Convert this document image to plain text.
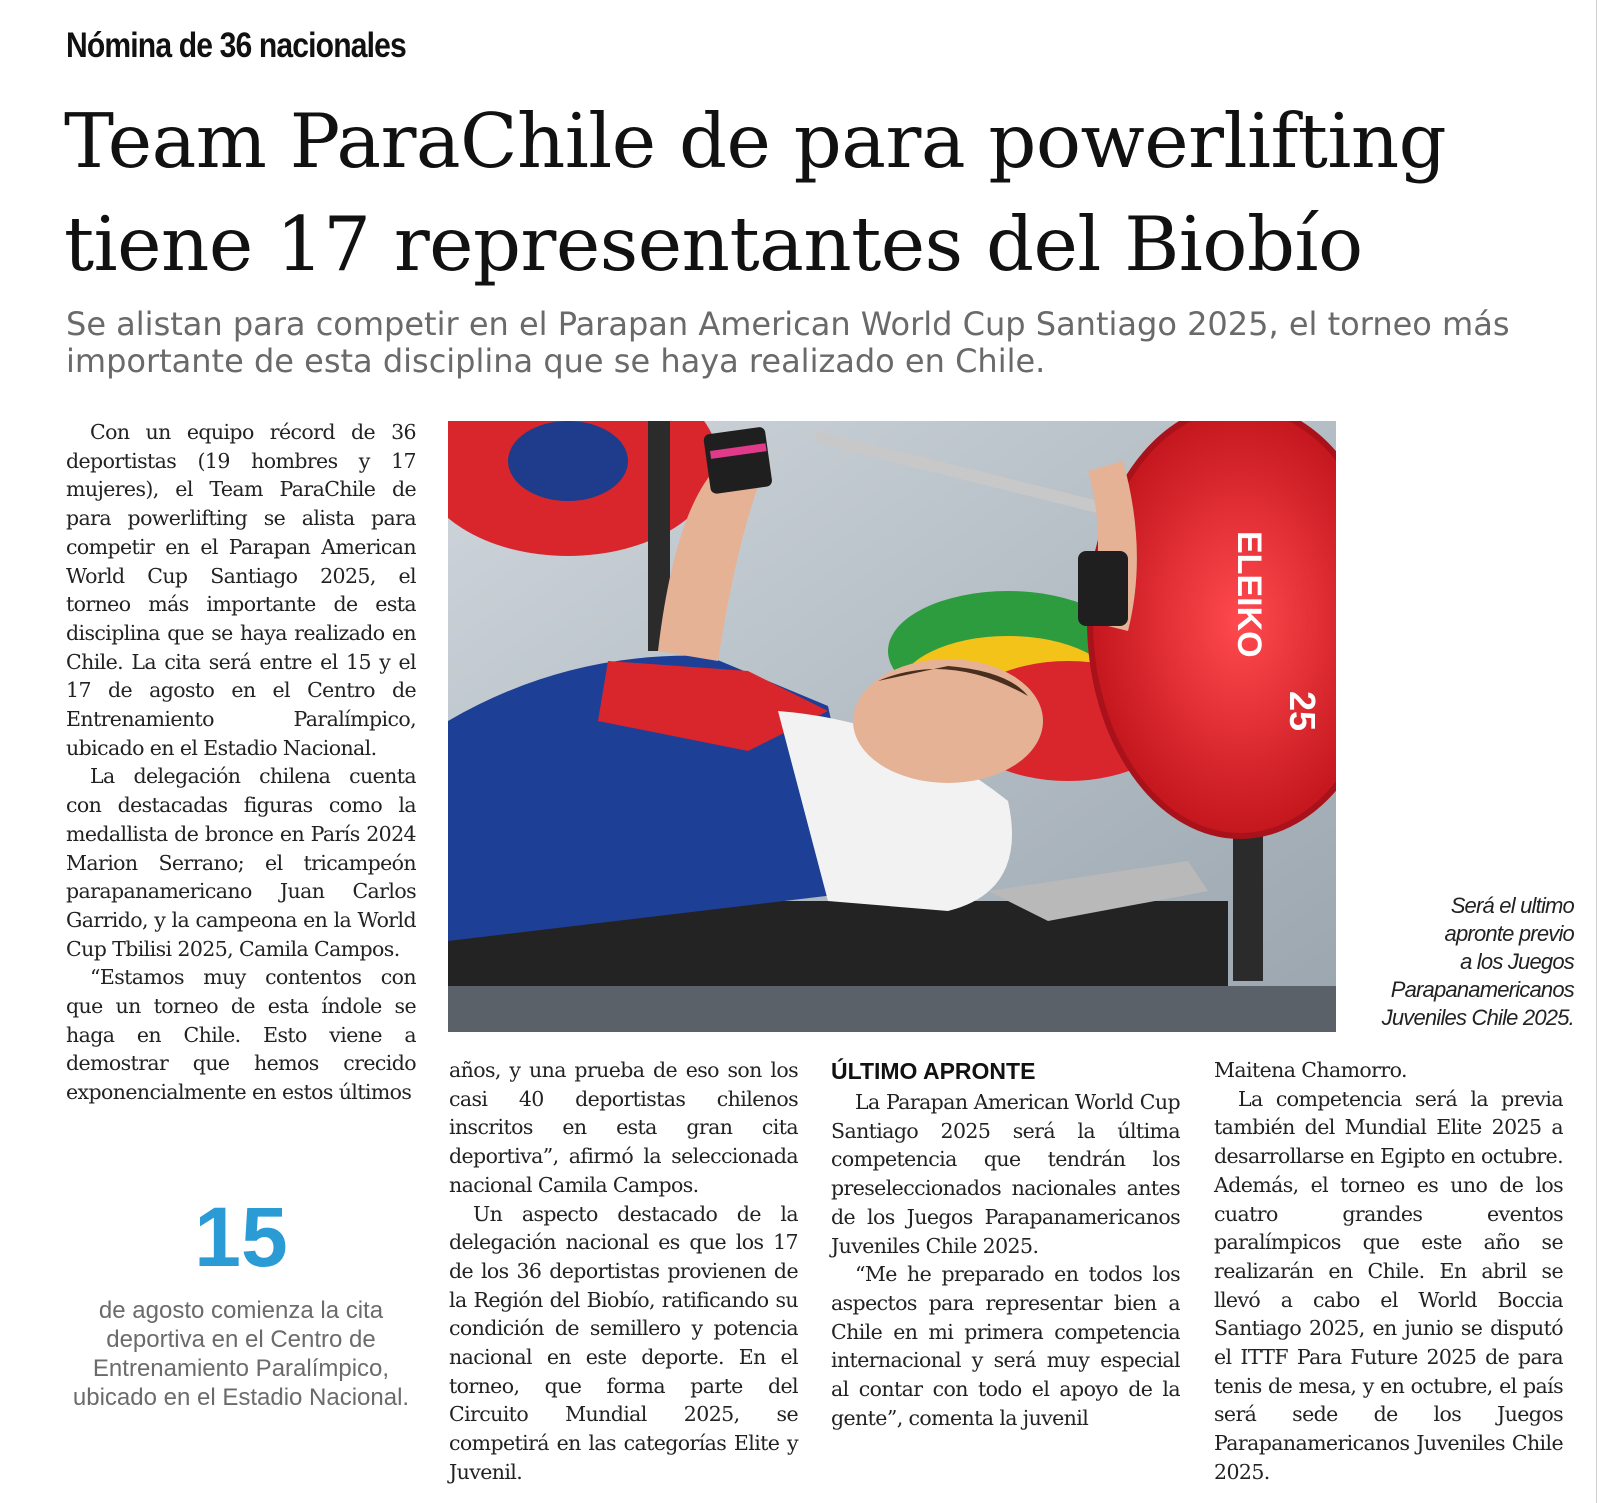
Nómina de 36 nacionales
Team ParaChile de para powerlifting
tiene 17 representantes del Biobío
Se alistan para competir en el Parapan American World Cup Santiago 2025, el torneo más
importante de esta disciplina que se haya realizado en Chile.

Con un equipo récord de 36 deportistas (19 hombres y 17 mujeres), el Team ParaChile de para powerlifting se alista para competir en el Parapan American World Cup Santiago 2025, el torneo más importante de esta disciplina que se haya realizado en Chile. La cita será entre el 15 y el 17 de agosto en el Centro de Entrenamiento Paralímpico, ubicado en el Estadio Nacional.

La delegación chilena cuenta con destacadas figuras como la medallista de bronce en París 2024 Marion Serrano; el tricampeón parapanamericano Juan Carlos Garrido, y la campeona en la World Cup Tbilisi 2025, Camila Campos.

“Estamos muy contentos con que un torneo de esta índole se haga en Chile. Esto viene a demostrar que hemos crecido exponencialmente en estos últimos

ELEIKO
25
Será el ultimo
apronte previo
a los Juegos
Parapanamericanos
Juveniles Chile 2025.
15
de agosto comienza la cita deportiva en el Centro de Entrenamiento Paralímpico, ubicado en el Estadio Nacional.

años, y una prueba de eso son los casi 40 deportistas chilenos inscritos en esta gran cita deportiva”, afirmó la seleccionada nacional Camila Campos.

Un aspecto destacado de la delegación nacional es que los 17 de los 36 deportistas provienen de la Región del Biobío, ratificando su condición de semillero y potencia nacional en este deporte. En el torneo, que forma parte del Circuito Mundial 2025, se competirá en las categorías Elite y Juvenil.

ÚLTIMO APRONTE

La Parapan American World Cup Santiago 2025 será la última competencia que tendrán los preseleccionados nacionales antes de los Juegos Parapanamericanos Juveniles Chile 2025.

“Me he preparado en todos los aspectos para representar bien a Chile en mi primera competencia internacional y será muy especial al contar con todo el apoyo de la gente”, comenta la juvenil

Maitena Chamorro.

La competencia será la previa también del Mundial Elite 2025 a desarrollarse en Egipto en octubre. Además, el torneo es uno de los cuatro grandes eventos paralímpicos que este año se realizarán en Chile. En abril se llevó a cabo el World Boccia Santiago 2025, en junio se disputó el ITTF Para Future 2025 de para tenis de mesa, y en octubre, el país será sede de los Juegos Parapanamericanos Juveniles Chile 2025.
